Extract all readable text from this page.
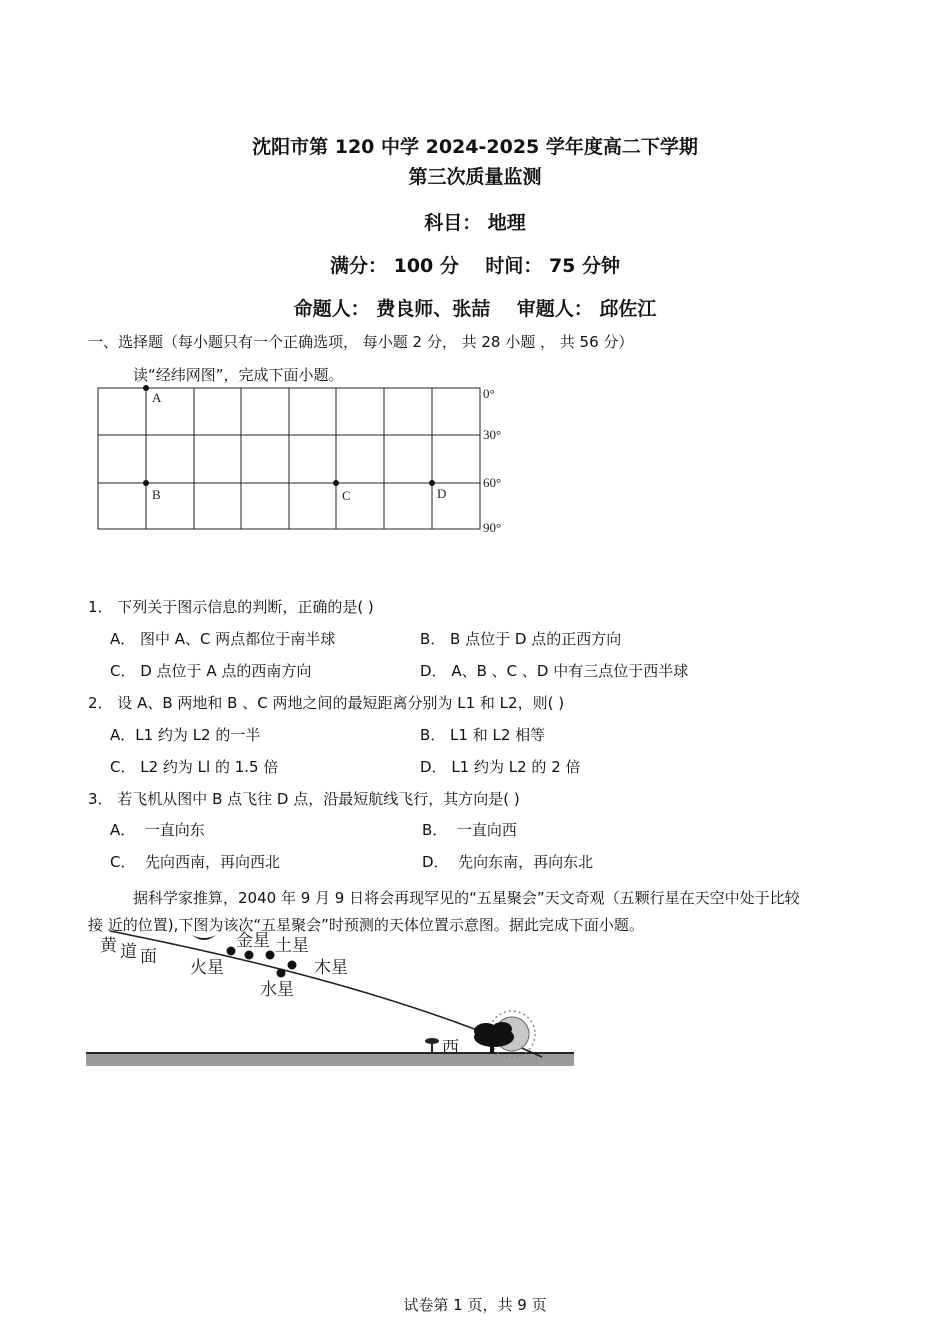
沈阳市第 120 中学 2024-2025 学年度高二下学期
第三次质量监测
科目： 地理
满分： 100 分    时间： 75 分钟
命题人： 费良师、张喆    审题人： 邱佐江
一、选择题（每小题只有一个正确选项， 每小题 2 分， 共 28 小题 ， 共 56 分）
读“经纬网图”，完成下面小题。
A
B	C	D
0°
30°
60°
90°
1． 下列关于图示信息的判断，正确的是( )
A． 图中 A、C 两点都位于南半球	B． B 点位于 D 点的正西方向
C． D 点位于 A 点的西南方向	D． A、B 、C 、D 中有三点位于西半球
2． 设 A、B 两地和 B 、C 两地之间的最短距离分别为 L1 和 L2，则( )
A．L1 约为 L2 的一半	B． L1 和 L2 相等
C． L2 约为 Ll 的 1.5 倍	D． L1 约为 L2 的 2 倍
3． 若飞机从图中 B 点飞往 D 点，沿最短航线飞行，其方向是( )
A．  一直向东	B．  一直向西
C．  先向西南，再向西北	D．  先向东南，再向东北
据科学家推算，2040 年 9 月 9 日将会再现罕见的“五星聚会”天文奇观（五颗行星在天空中处于比较
接 近的位置),下图为该次“五星聚会”时预测的天体位置示意图。据此完成下面小题。
黄 道 面
金星 土星
火星	木星
水星
西
试卷第 1 页，共 9 页
